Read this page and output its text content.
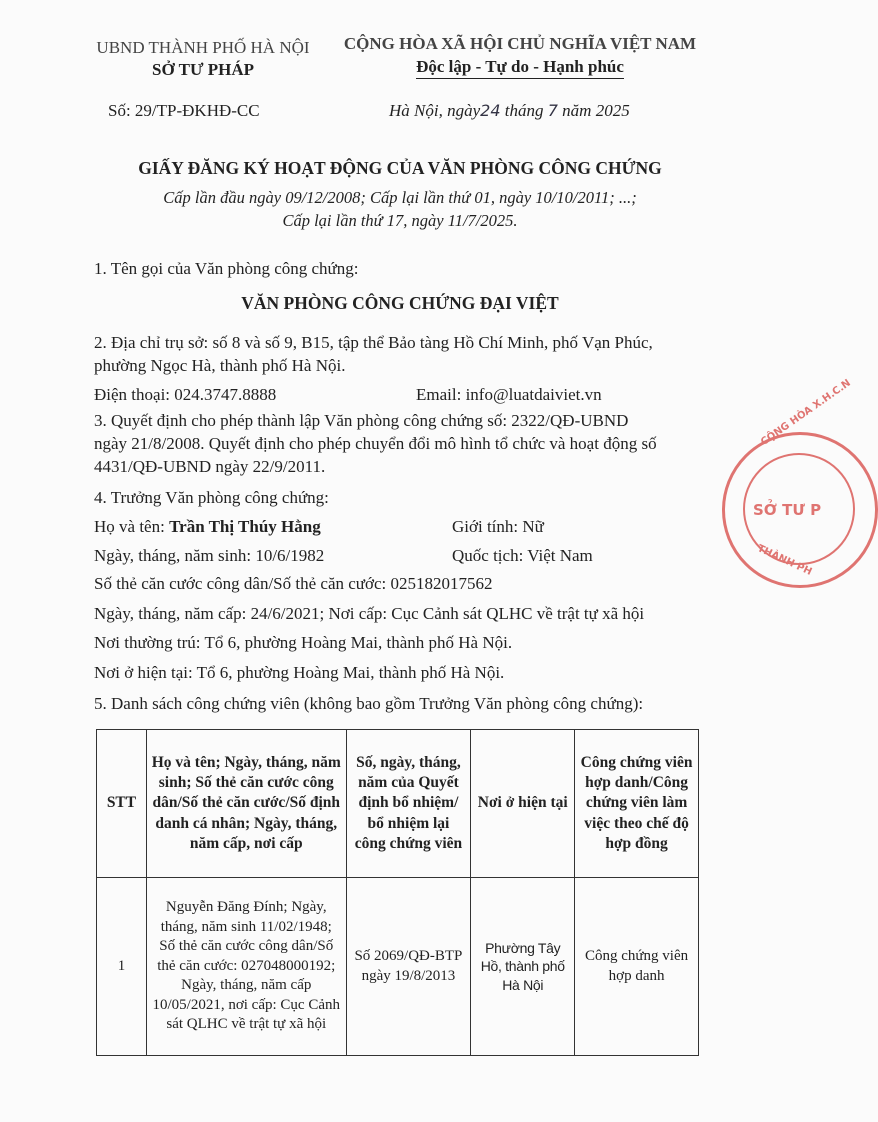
UBND THÀNH PHỐ HÀ NỘI
SỞ TƯ PHÁP
Số: 29/TP-ĐKHĐ-CC
CỘNG HÒA XÃ HỘI CHỦ NGHĨA VIỆT NAM
Độc lập - Tự do - Hạnh phúc
Hà Nội, ngày24 tháng 7 năm 2025
GIẤY ĐĂNG KÝ HOẠT ĐỘNG CỦA VĂN PHÒNG CÔNG CHỨNG
Cấp lần đầu ngày 09/12/2008; Cấp lại lần thứ 01, ngày 10/10/2011; ...;
Cấp lại lần thứ 17, ngày 11/7/2025.
1. Tên gọi của Văn phòng công chứng:
VĂN PHÒNG CÔNG CHỨNG ĐẠI VIỆT
2. Địa chỉ trụ sở: số 8 và số 9, B15, tập thể Bảo tàng Hồ Chí Minh, phố Vạn Phúc,
phường Ngọc Hà, thành phố Hà Nội.
Điện thoại: 024.3747.8888	Email: info@luatdaiviet.vn
3. Quyết định cho phép thành lập Văn phòng công chứng số: 2322/QĐ-UBND
ngày 21/8/2008. Quyết định cho phép chuyển đổi mô hình tổ chức và hoạt động số
4431/QĐ-UBND ngày 22/9/2011.
4. Trưởng Văn phòng công chứng:
Họ và tên: Trần Thị Thúy Hằng	Giới tính: Nữ
Ngày, tháng, năm sinh: 10/6/1982	Quốc tịch: Việt Nam
Số thẻ căn cước công dân/Số thẻ căn cước: 025182017562
Ngày, tháng, năm cấp: 24/6/2021; Nơi cấp: Cục Cảnh sát QLHC về trật tự xã hội
Nơi thường trú: Tổ 6, phường Hoàng Mai, thành phố Hà Nội.
Nơi ở hiện tại: Tổ 6, phường Hoàng Mai, thành phố Hà Nội.
5. Danh sách công chứng viên (không bao gồm Trưởng Văn phòng công chứng):
CỘNG HÒA X.H.C.N
SỞ TƯ P
THÀNH PH
STT	Họ và tên; Ngày, tháng, năm sinh; Số thẻ căn cước công dân/Số thẻ căn cước/Số định danh cá nhân; Ngày, tháng, năm cấp, nơi cấp	Số, ngày, tháng, năm của Quyết định bổ nhiệm/ bổ nhiệm lại công chứng viên	Nơi ở hiện tại	Công chứng viên hợp danh/Công chứng viên làm việc theo chế độ hợp đồng
1	Nguyễn Đăng Đính; Ngày, tháng, năm sinh 11/02/1948; Số thẻ căn cước công dân/Số thẻ căn cước: 027048000192; Ngày, tháng, năm cấp 10/05/2021, nơi cấp: Cục Cảnh sát QLHC về trật tự xã hội	Số 2069/QĐ-BTP ngày 19/8/2013	Phường Tây Hồ, thành phố Hà Nội	Công chứng viên hợp danh
